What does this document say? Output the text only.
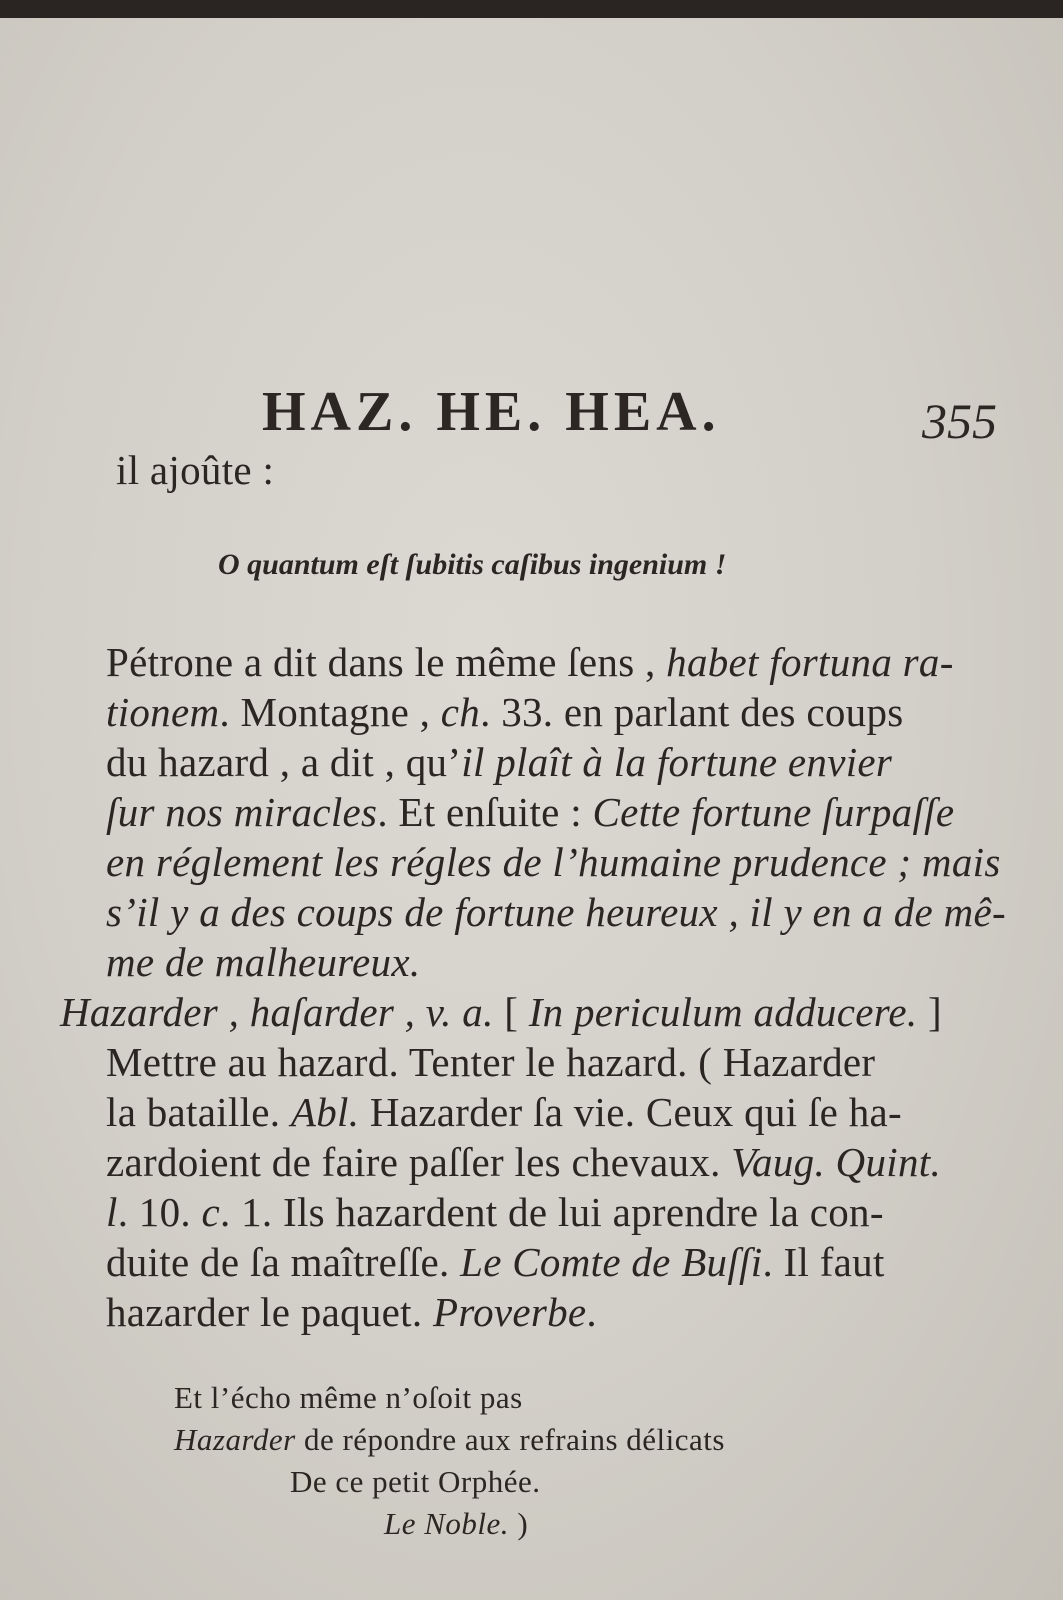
HAZ. HE. HEA.	355
il ajoûte :
O quantum eſt ſubitis caſibus ingenium !
Pétrone a dit dans le même ſens , habet fortuna ra-
tionem. Montagne , ch. 33. en parlant des coups
du hazard , a dit , qu’il plaît à la fortune envier
ſur nos miracles. Et enſuite : Cette fortune ſurpaſſe
en réglement les régles de l’humaine prudence ; mais
s’il y a des coups de fortune heureux , il y en a de mê-
me de malheureux.
Hazarder , haſarder , v. a. [ In periculum adducere. ]
Mettre au hazard. Tenter le hazard. ( Hazarder
la bataille. Abl. Hazarder ſa vie. Ceux qui ſe ha-
zardoient de faire paſſer les chevaux. Vaug. Quint.
l. 10. c. 1. Ils hazardent de lui aprendre la con-
duite de ſa maîtreſſe. Le Comte de Buſſi. Il faut
hazarder le paquet. Proverbe.
Et l’écho même n’oſoit pas
Hazarder de répondre aux refrains délicats
De ce petit Orphée.
Le Noble. )
